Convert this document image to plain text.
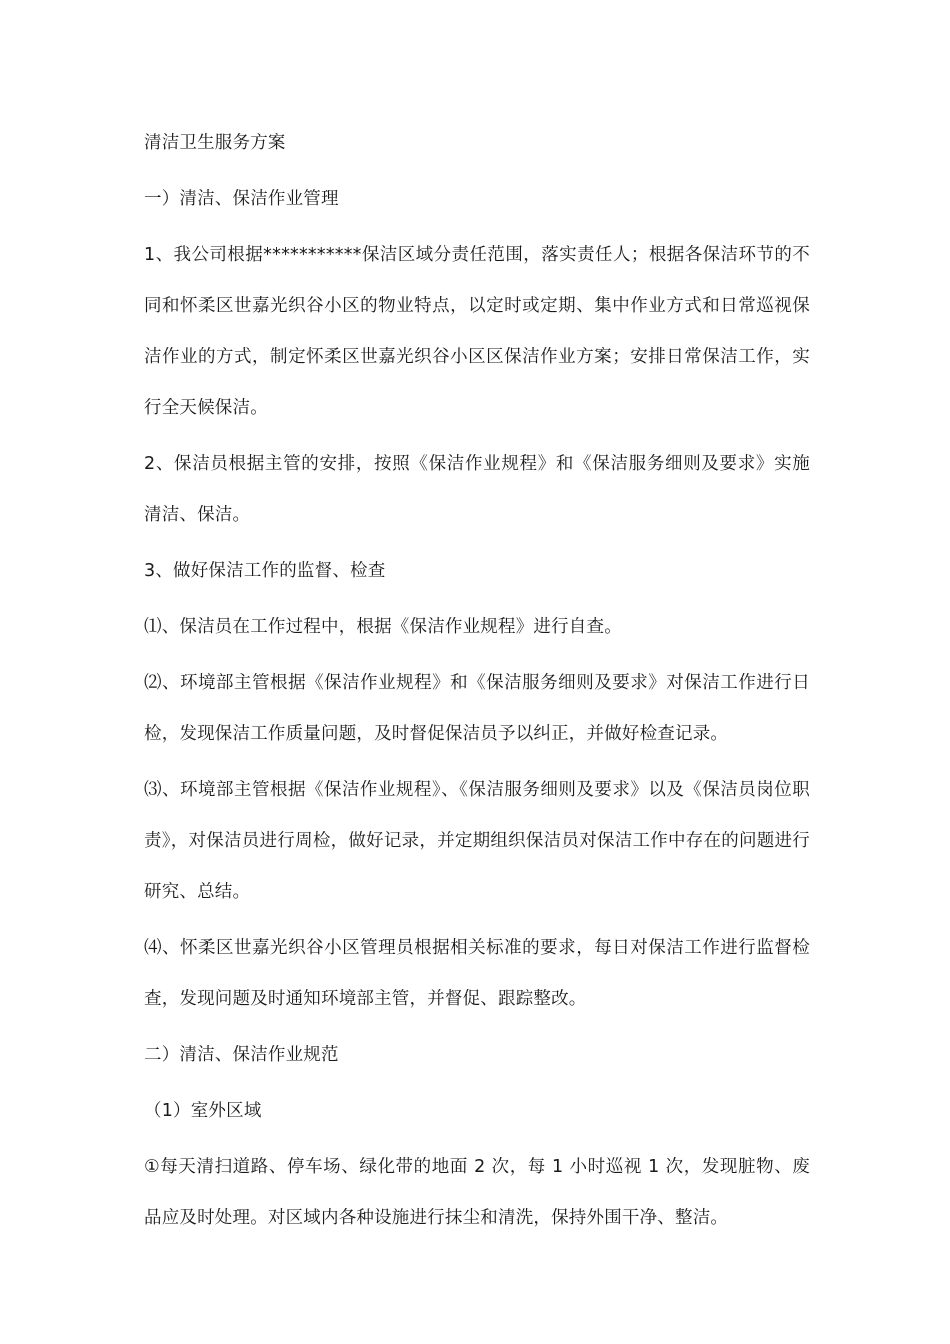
清洁卫生服务方案

一）清洁、保洁作业管理

1、我公司根据***********保洁区域分责任范围，落实责任人；根据各保洁环节的不同和怀柔区世嘉光织谷小区的物业特点，以定时或定期、集中作业方式和日常巡视保洁作业的方式，制定怀柔区世嘉光织谷小区区保洁作业方案；安排日常保洁工作，实行全天候保洁。

2、保洁员根据主管的安排，按照《保洁作业规程》和《保洁服务细则及要求》实施清洁、保洁。

3、做好保洁工作的监督、检查

⑴、保洁员在工作过程中，根据《保洁作业规程》进行自查。

⑵、环境部主管根据《保洁作业规程》和《保洁服务细则及要求》对保洁工作进行日检，发现保洁工作质量问题，及时督促保洁员予以纠正，并做好检查记录。

⑶、环境部主管根据《保洁作业规程》、《保洁服务细则及要求》以及《保洁员岗位职责》，对保洁员进行周检，做好记录，并定期组织保洁员对保洁工作中存在的问题进行研究、总结。

⑷、怀柔区世嘉光织谷小区管理员根据相关标准的要求，每日对保洁工作进行监督检查，发现问题及时通知环境部主管，并督促、跟踪整改。

二）清洁、保洁作业规范

（1）室外区域

①每天清扫道路、停车场、绿化带的地面 2 次，每 1 小时巡视 1 次，发现脏物、废品应及时处理。对区域内各种设施进行抹尘和清洗，保持外围干净、整洁。
